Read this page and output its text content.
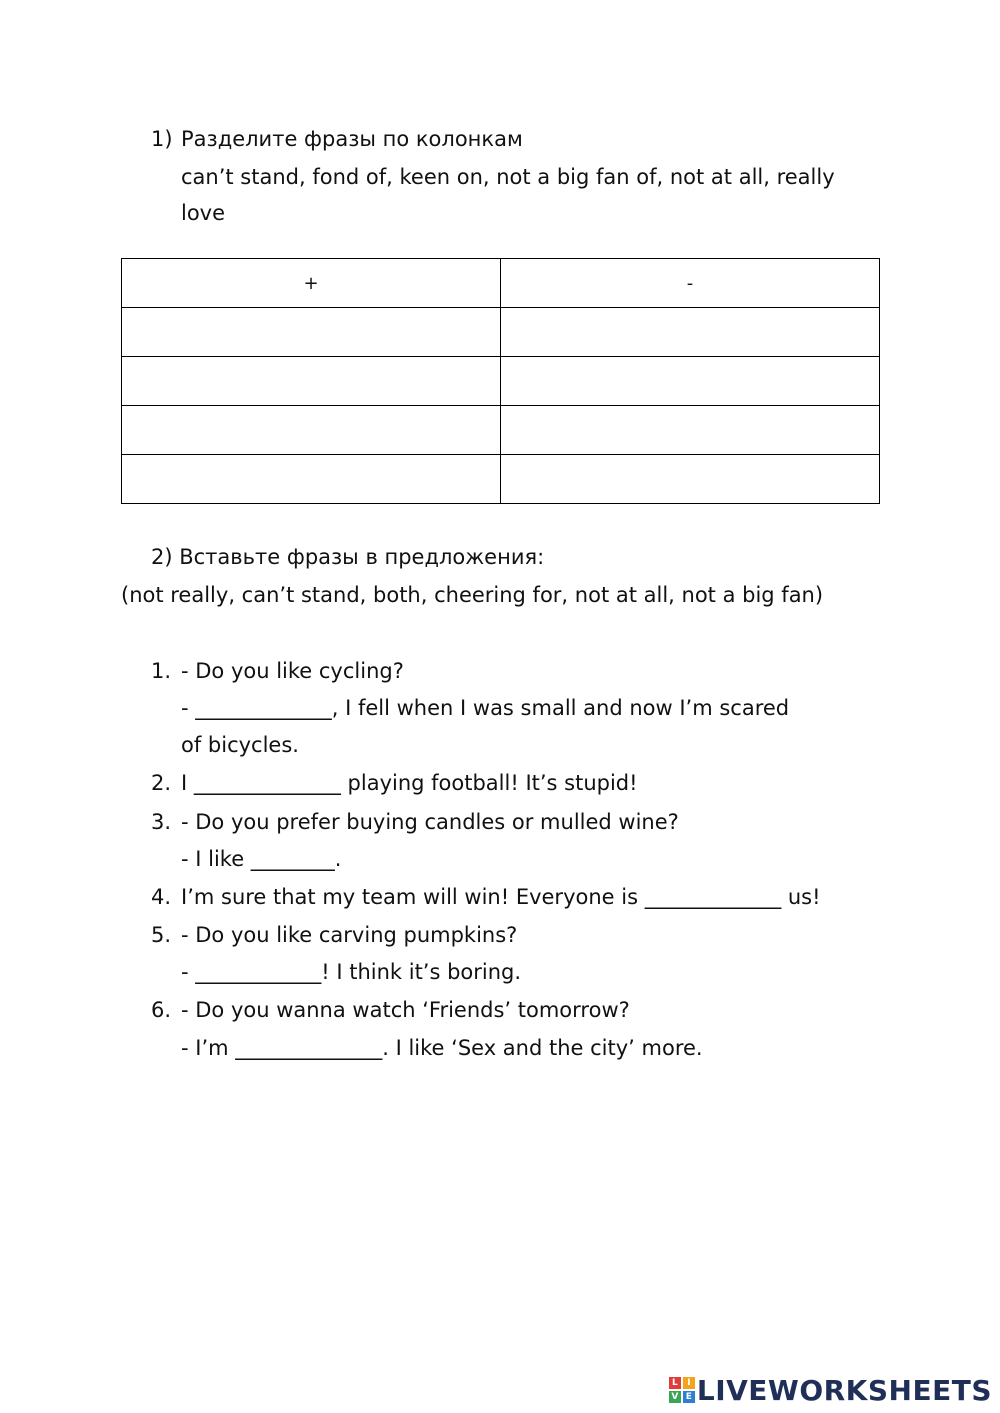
1) Разделите фразы по колонкам
can’t stand, fond of, keen on, not a big fan of, not at all, really
love
+	-

2) Вставьте фразы в предложения:
(not really, can’t stand, both, cheering for, not at all, not a big fan)
1. - Do you like cycling?
- _____________, I fell when I was small and now I’m scared
of bicycles.
2. I ______________ playing football! It’s stupid!
3. - Do you prefer buying candles or mulled wine?
- I like ________.
4. I’m sure that my team will win! Everyone is _____________ us!
5. - Do you like carving pumpkins?
- ____________! I think it’s boring.
6. - Do you wanna watch ‘Friends’ tomorrow?
- I’m ______________. I like ‘Sex and the city’ more.
L	I
V E LIVEWORKSHEETS
